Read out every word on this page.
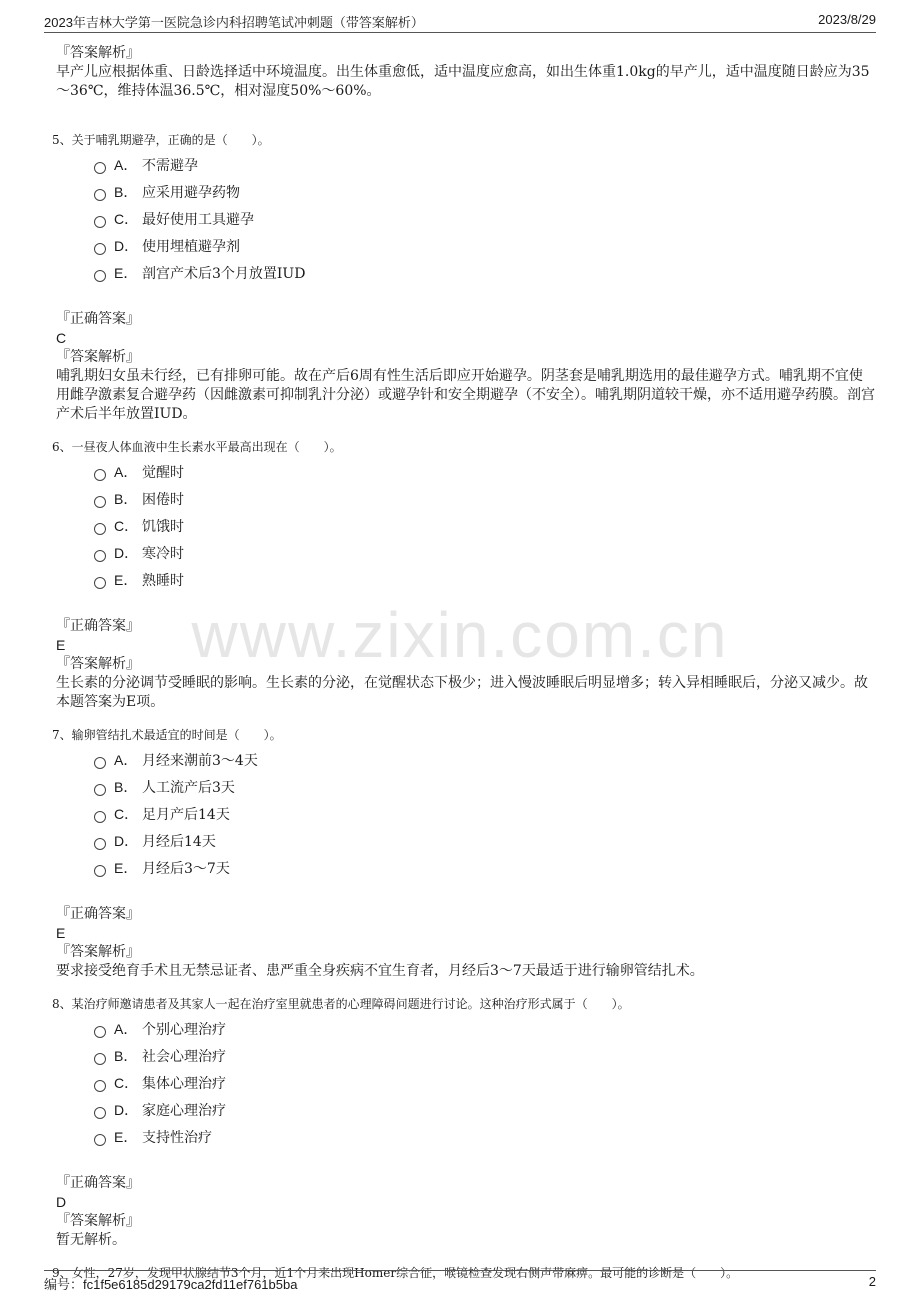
2023年吉林大学第一医院急诊内科招聘笔试冲刺题（带答案解析）	2023/8/29
www.zixin.com.cn
『答案解析』

早产儿应根据体重、日龄选择适中环境温度。出生体重愈低，适中温度应愈高，如出生体重1.0kg的早产儿，适中温度随日龄应为35～36℃，维持体温36.5℃，相对湿度50%～60%。

5、关于哺乳期避孕，正确的是（　　）。

A． 不需避孕
B． 应采用避孕药物
C． 最好使用工具避孕
D． 使用埋植避孕剂
E． 剖宫产术后3个月放置IUD
『正确答案』
C
『答案解析』

哺乳期妇女虽未行经，已有排卵可能。故在产后6周有性生活后即应开始避孕。阴茎套是哺乳期选用的最佳避孕方式。哺乳期不宜使用雌孕激素复合避孕药（因雌激素可抑制乳汁分泌）或避孕针和安全期避孕（不安全）。哺乳期阴道较干燥，亦不适用避孕药膜。剖宫产术后半年放置IUD。

6、一昼夜人体血液中生长素水平最高出现在（　　）。

A． 觉醒时
B． 困倦时
C． 饥饿时
D． 寒冷时
E． 熟睡时
『正确答案』
E
『答案解析』

生长素的分泌调节受睡眠的影响。生长素的分泌，在觉醒状态下极少；进入慢波睡眠后明显增多；转入异相睡眠后，分泌又减少。故本题答案为E项。

7、输卵管结扎术最适宜的时间是（　　）。

A． 月经来潮前3～4天
B． 人工流产后3天
C． 足月产后14天
D． 月经后14天
E． 月经后3～7天
『正确答案』
E
『答案解析』

要求接受绝育手术且无禁忌证者、患严重全身疾病不宜生育者，月经后3～7天最适于进行输卵管结扎术。

8、某治疗师邀请患者及其家人一起在治疗室里就患者的心理障碍问题进行讨论。这种治疗形式属于（　　）。

A． 个别心理治疗
B． 社会心理治疗
C． 集体心理治疗
D． 家庭心理治疗
E． 支持性治疗
『正确答案』
D
『答案解析』

暂无解析。

9、女性，27岁，发现甲状腺结节3个月，近1个月来出现Homer综合征，喉镜检查发现右侧声带麻痹。最可能的诊断是（　　）。

编号：fc1f5e6185d29179ca2fd11ef761b5ba	2
